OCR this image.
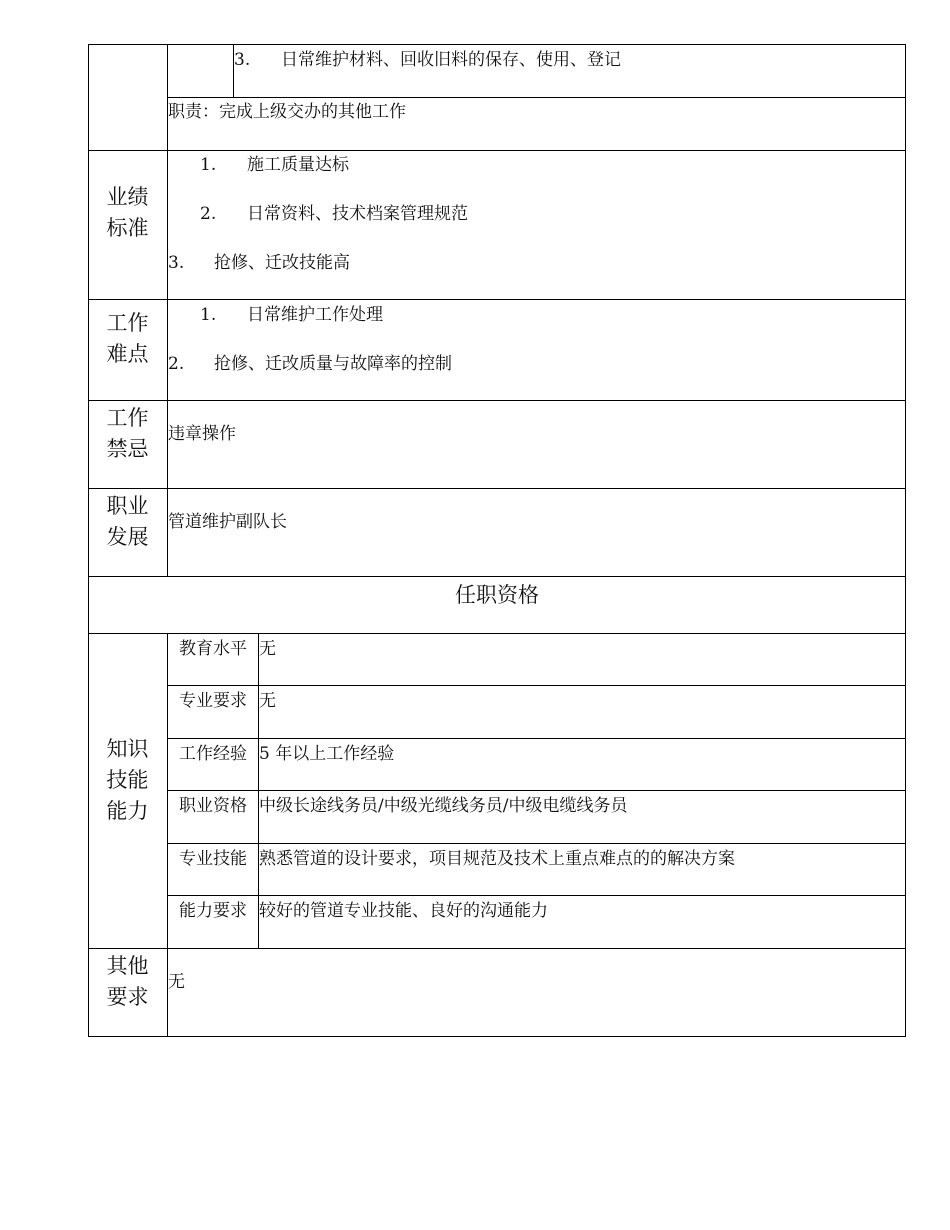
3. 日常维护材料、回收旧料的保存、使用、登记
职责：完成上级交办的其他工作
业绩
标准
1. 施工质量达标
2. 日常资料、技术档案管理规范
3. 抢修、迁改技能高
工作
难点
1. 日常维护工作处理
2. 抢修、迁改质量与故障率的控制
工作
禁忌
违章操作
职业
发展
管道维护副队长
任职资格
知识
技能
能力
教育水平 无
专业要求 无
工作经验 5 年以上工作经验
职业资格 中级长途线务员/中级光缆线务员/中级电缆线务员
专业技能 熟悉管道的设计要求，项目规范及技术上重点难点的的解决方案
能力要求 较好的管道专业技能、良好的沟通能力
其他
要求
无
